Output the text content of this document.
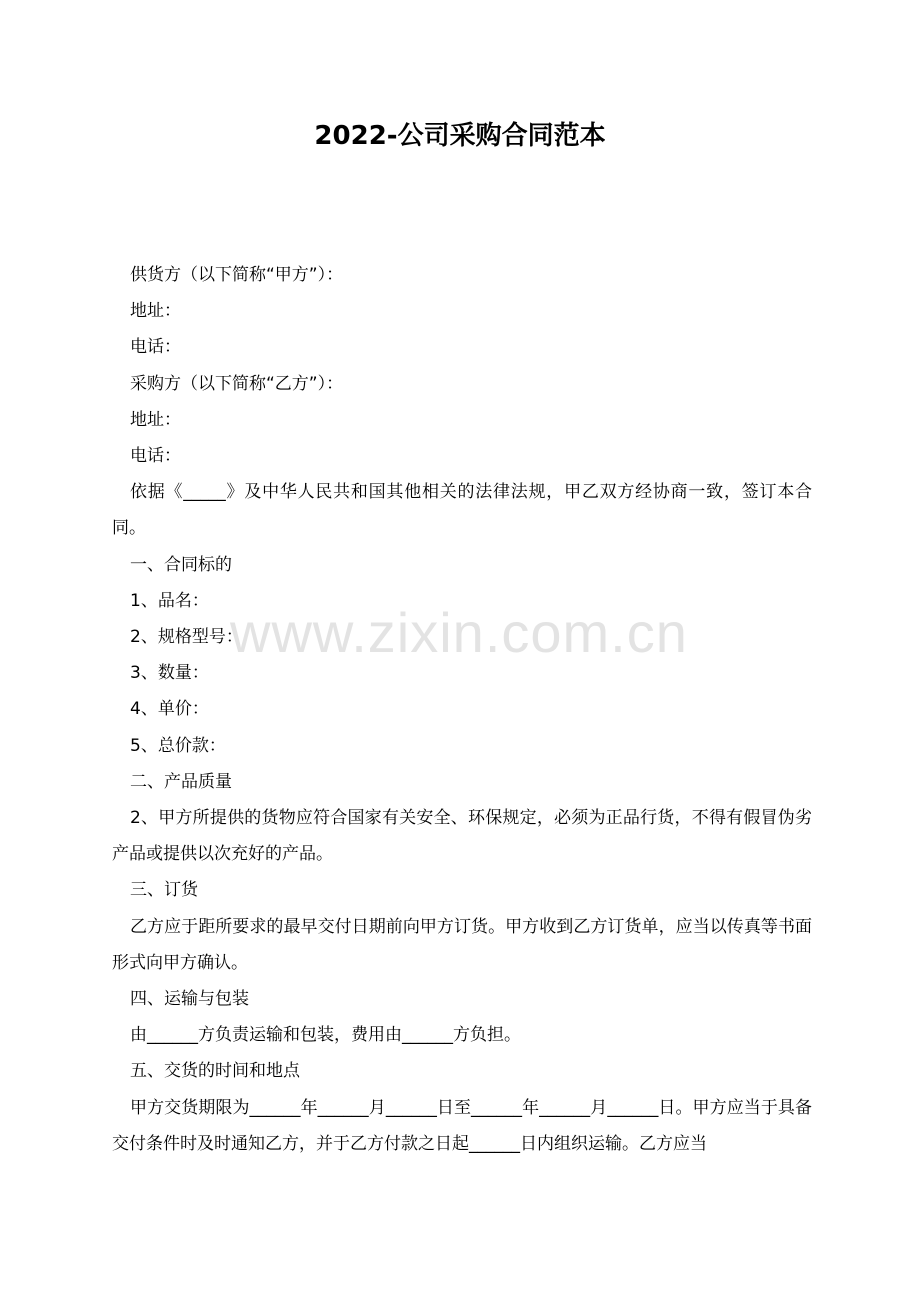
www.zixin.com.cn
2022-公司采购合同范本

供货方（以下简称“甲方”）：

地址：

电话：

采购方（以下简称“乙方”）：

地址：

电话：

依据《_____》及中华人民共和国其他相关的法律法规，甲乙双方经协商一致，签订本合同。

一、合同标的

1、品名：

2、规格型号：

3、数量：

4、单价：

5、总价款：

二、产品质量

2、甲方所提供的货物应符合国家有关安全、环保规定，必须为正品行货，不得有假冒伪劣产品或提供以次充好的产品。

三、订货

乙方应于距所要求的最早交付日期前向甲方订货。甲方收到乙方订货单，应当以传真等书面形式向甲方确认。

四、运输与包装

由______方负责运输和包装，费用由______方负担。

五、交货的时间和地点

甲方交货期限为______年______月______日至______年______月______日。甲方应当于具备交付条件时及时通知乙方，并于乙方付款之日起______日内组织运输。乙方应当
